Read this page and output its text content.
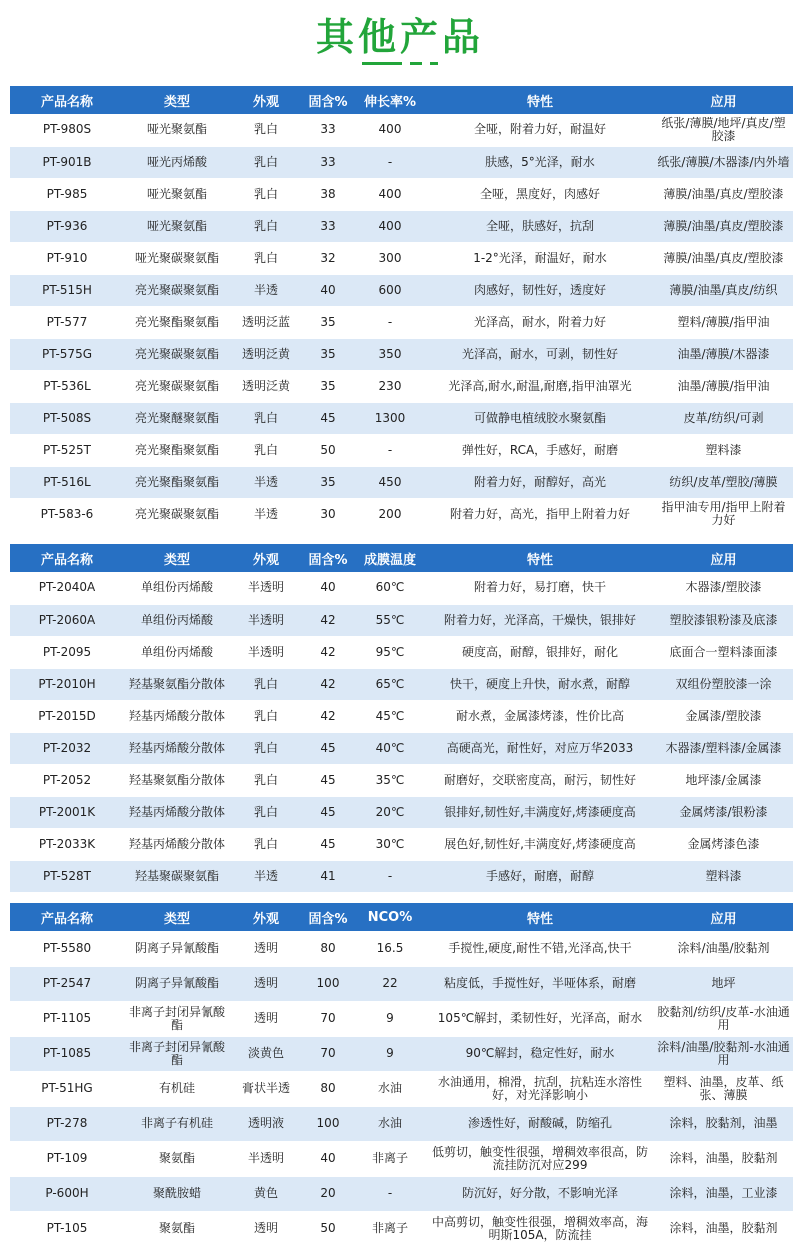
其他产品
产品名称	类型	外观	固含%	伸长率%	特性	应用
PT-980S	哑光聚氨酯	乳白	33	400	全哑，附着力好，耐温好	纸张/薄膜/地坪/真皮/塑胶漆
PT-901B	哑光丙烯酸	乳白	33	-	肤感，5°光泽，耐水	纸张/薄膜/木器漆/内外墙
PT-985	哑光聚氨酯	乳白	38	400	全哑，黑度好，肉感好	薄膜/油墨/真皮/塑胶漆
PT-936	哑光聚氨酯	乳白	33	400	全哑，肤感好，抗刮	薄膜/油墨/真皮/塑胶漆
PT-910	哑光聚碳聚氨酯	乳白	32	300	1-2°光泽，耐温好，耐水	薄膜/油墨/真皮/塑胶漆
PT-515H	亮光聚碳聚氨酯	半透	40	600	肉感好，韧性好，透度好	薄膜/油墨/真皮/纺织
PT-577	亮光聚酯聚氨酯	透明泛蓝	35	-	光泽高，耐水，附着力好	塑料/薄膜/指甲油
PT-575G	亮光聚碳聚氨酯	透明泛黄	35	350	光泽高，耐水，可剥，韧性好	油墨/薄膜/木器漆
PT-536L	亮光聚碳聚氨酯	透明泛黄	35	230	光泽高,耐水,耐温,耐磨,指甲油罩光	油墨/薄膜/指甲油
PT-508S	亮光聚醚聚氨酯	乳白	45	1300	可做静电植绒胶水聚氨酯	皮革/纺织/可剥
PT-525T	亮光聚酯聚氨酯	乳白	50	-	弹性好，RCA，手感好，耐磨	塑料漆
PT-516L	亮光聚酯聚氨酯	半透	35	450	附着力好，耐醇好，高光	纺织/皮革/塑胶/薄膜
PT-583-6	亮光聚碳聚氨酯	半透	30	200	附着力好，高光，指甲上附着力好	指甲油专用/指甲上附着力好
产品名称	类型	外观	固含%	成膜温度	特性	应用
PT-2040A	单组份丙烯酸	半透明	40	60℃	附着力好，易打磨，快干	木器漆/塑胶漆
PT-2060A	单组份丙烯酸	半透明	42	55℃	附着力好，光泽高，干燥快，银排好	塑胶漆银粉漆及底漆
PT-2095	单组份丙烯酸	半透明	42	95℃	硬度高，耐醇，银排好，耐化	底面合一塑料漆面漆
PT-2010H	羟基聚氨酯分散体	乳白	42	65℃	快干，硬度上升快，耐水煮，耐醇	双组份塑胶漆一涂
PT-2015D	羟基丙烯酸分散体	乳白	42	45℃	耐水煮，金属漆烤漆，性价比高	金属漆/塑胶漆
PT-2032	羟基丙烯酸分散体	乳白	45	40℃	高硬高光，耐性好，对应万华2033	木器漆/塑料漆/金属漆
PT-2052	羟基聚氨酯分散体	乳白	45	35℃	耐磨好，交联密度高，耐污，韧性好	地坪漆/金属漆
PT-2001K	羟基丙烯酸分散体	乳白	45	20℃	银排好,韧性好,丰满度好,烤漆硬度高	金属烤漆/银粉漆
PT-2033K	羟基丙烯酸分散体	乳白	45	30℃	展色好,韧性好,丰满度好,烤漆硬度高	金属烤漆色漆
PT-528T	羟基聚碳聚氨酯	半透	41	-	手感好，耐磨，耐醇	塑料漆
产品名称	类型	外观	固含%	NCO%	特性	应用
PT-5580	阴离子异氰酸酯	透明	80	16.5	手搅性,硬度,耐性不错,光泽高,快干	涂料/油墨/胶黏剂
PT-2547	阴离子异氰酸酯	透明	100	22	粘度低，手搅性好，半哑体系，耐磨	地坪
PT-1105	非离子封闭异氰酸酯	透明	70	9	105℃解封，柔韧性好，光泽高，耐水	胶黏剂/纺织/皮革-水油通用
PT-1085	非离子封闭异氰酸酯	淡黄色	70	9	90℃解封，稳定性好，耐水	涂料/油墨/胶黏剂-水油通用
PT-51HG	有机硅	膏状半透	80	水油	水油通用，棉滑，抗刮，抗粘连水溶性好，对光泽影响小	塑料、油墨，皮革、纸张、薄膜
PT-278	非离子有机硅	透明液	100	水油	渗透性好，耐酸碱，防缩孔	涂料，胶黏剂，油墨
PT-109	聚氨酯	半透明	40	非离子	低剪切，触变性很强，增稠效率很高，防流挂防沉对应299	涂料，油墨，胶黏剂
P-600H	聚酰胺蜡	黄色	20	-	防沉好，好分散，不影响光泽	涂料，油墨，工业漆
PT-105	聚氨酯	透明	50	非离子	中高剪切，触变性很强，增稠效率高，海明斯105A，防流挂	涂料，油墨，胶黏剂
